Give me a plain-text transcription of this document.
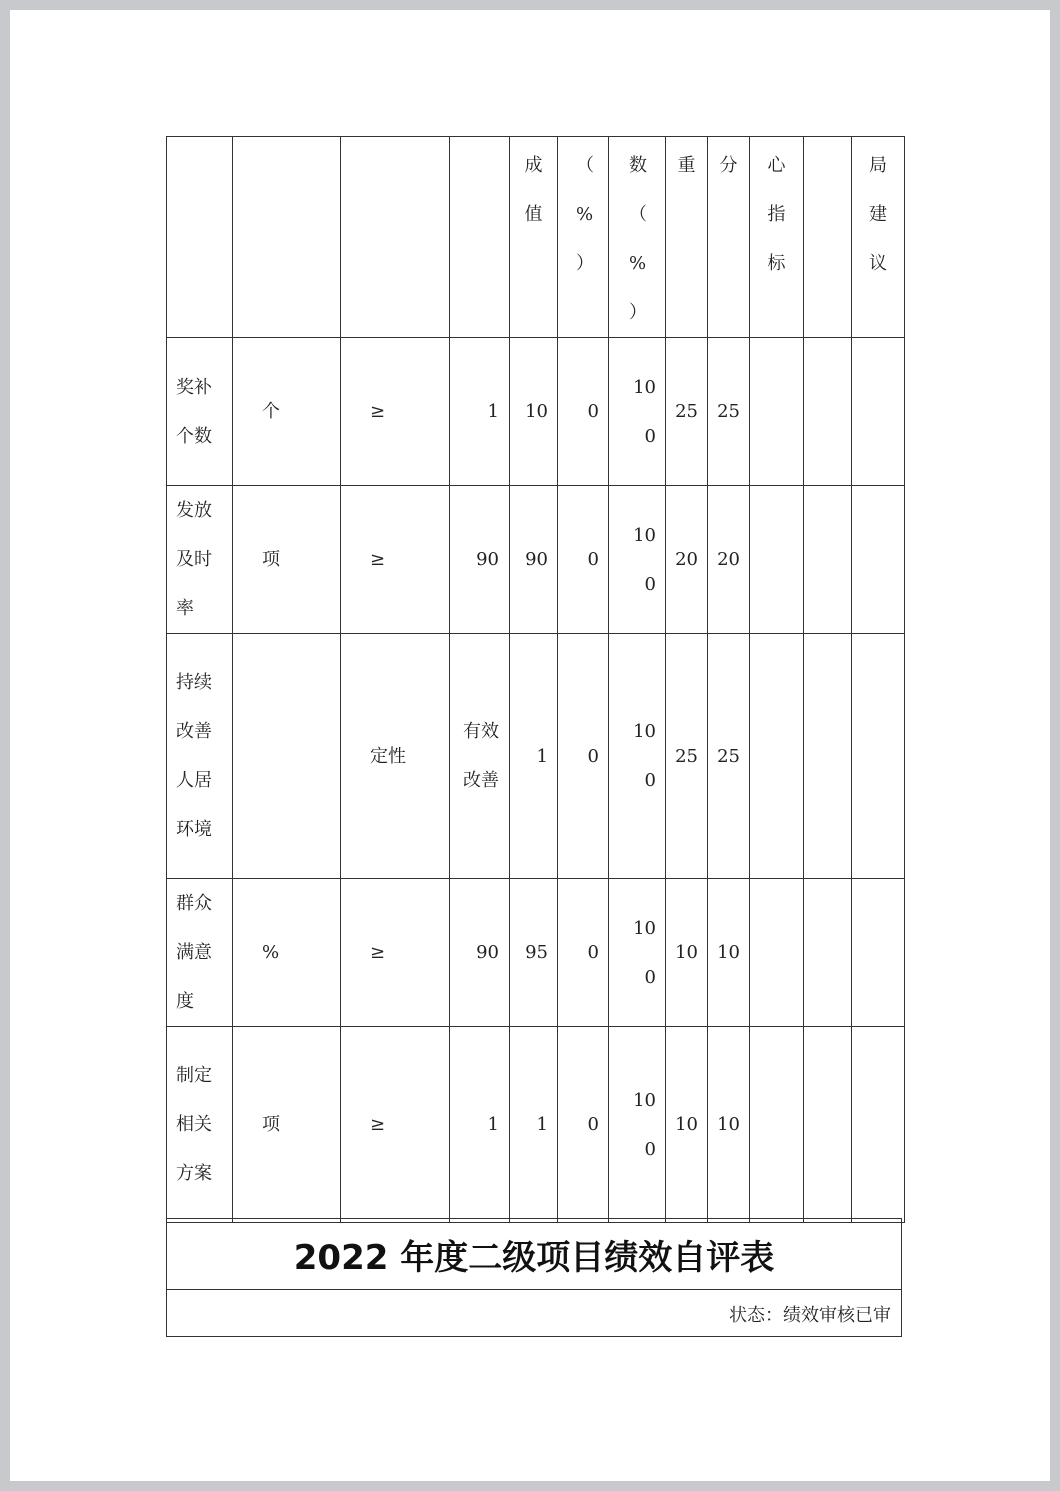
				成值	（%）	数（%）	重	分	心指标		局建议
奖补个数	个	≥	1	10	0	100	25	25			
发放及时率	项	≥	90	90	0	100	20	20			
持续改善人居环境		定性	有效改善	1	0	100	25	25			
群众满意度	%	≥	90	95	0	100	10	10			
制定相关方案	项	≥	1	1	0	100	10	10			
2022 年度二级项目绩效自评表
状态：绩效审核已审
